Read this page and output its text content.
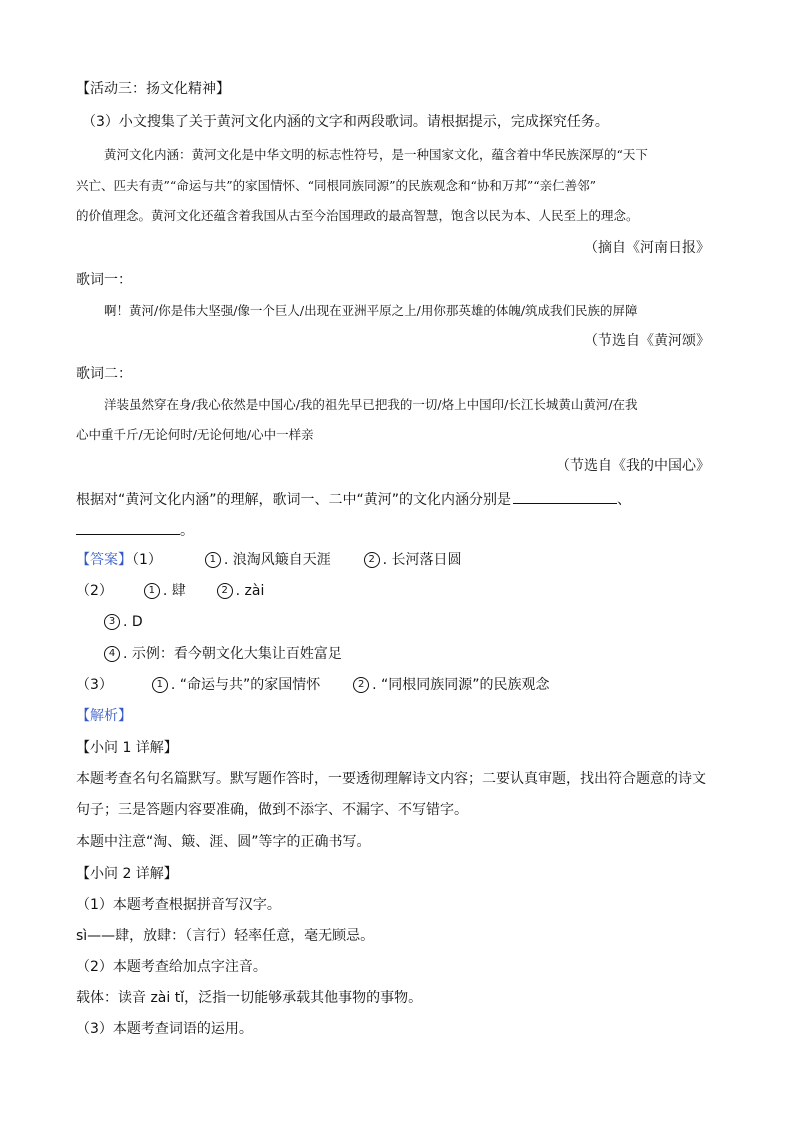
【活动三：扬文化精神】
（3）小文搜集了关于黄河文化内涵的文字和两段歌词。请根据提示，完成探究任务。
黄河文化内涵：黄河文化是中华文明的标志性符号，是一种国家文化，蕴含着中华民族深厚的“天下
兴亡、匹夫有责”“命运与共”的家国情怀、“同根同族同源”的民族观念和“协和万邦”“亲仁善邻”
的价值理念。黄河文化还蕴含着我国从古至今治国理政的最高智慧，饱含以民为本、人民至上的理念。
（摘自《河南日报》
歌词一：
啊！黄河/你是伟大坚强/像一个巨人/出现在亚洲平原之上/用你那英雄的体魄/筑成我们民族的屏障
（节选自《黄河颂》
歌词二：
洋装虽然穿在身/我心依然是中国心/我的祖先早已把我的一切/烙上中国印/长江长城黄山黄河/在我
心中重千斤/无论何时/无论何地/心中一样亲
（节选自《我的中国心》
根据对“黄河文化内涵”的理解，歌词一、二中“黄河”的文化内涵分别是	、
。
【答案】（1）	1 . 浪淘风簸自天涯	2 . 长河落日圆
（2）	1 . 肆	2 . zài
3 . D
4 . 示例：看今朝文化大集让百姓富足
（3）	1 . “命运与共”的家国情怀	2 . “同根同族同源”的民族观念
【解析】
【小问 1 详解】
本题考查名句名篇默写。默写题作答时，一要透彻理解诗文内容；二要认真审题，找出符合题意的诗文
句子；三是答题内容要准确，做到不添字、不漏字、不写错字。
本题中注意“淘、簸、涯、圆”等字的正确书写。
【小问 2 详解】
（1）本题考查根据拼音写汉字。
sì——肆，放肆：（言行）轻率任意，毫无顾忌。
（2）本题考查给加点字注音。
载体：读音 zài tǐ，泛指一切能够承载其他事物的事物。
（3）本题考查词语的运用。
